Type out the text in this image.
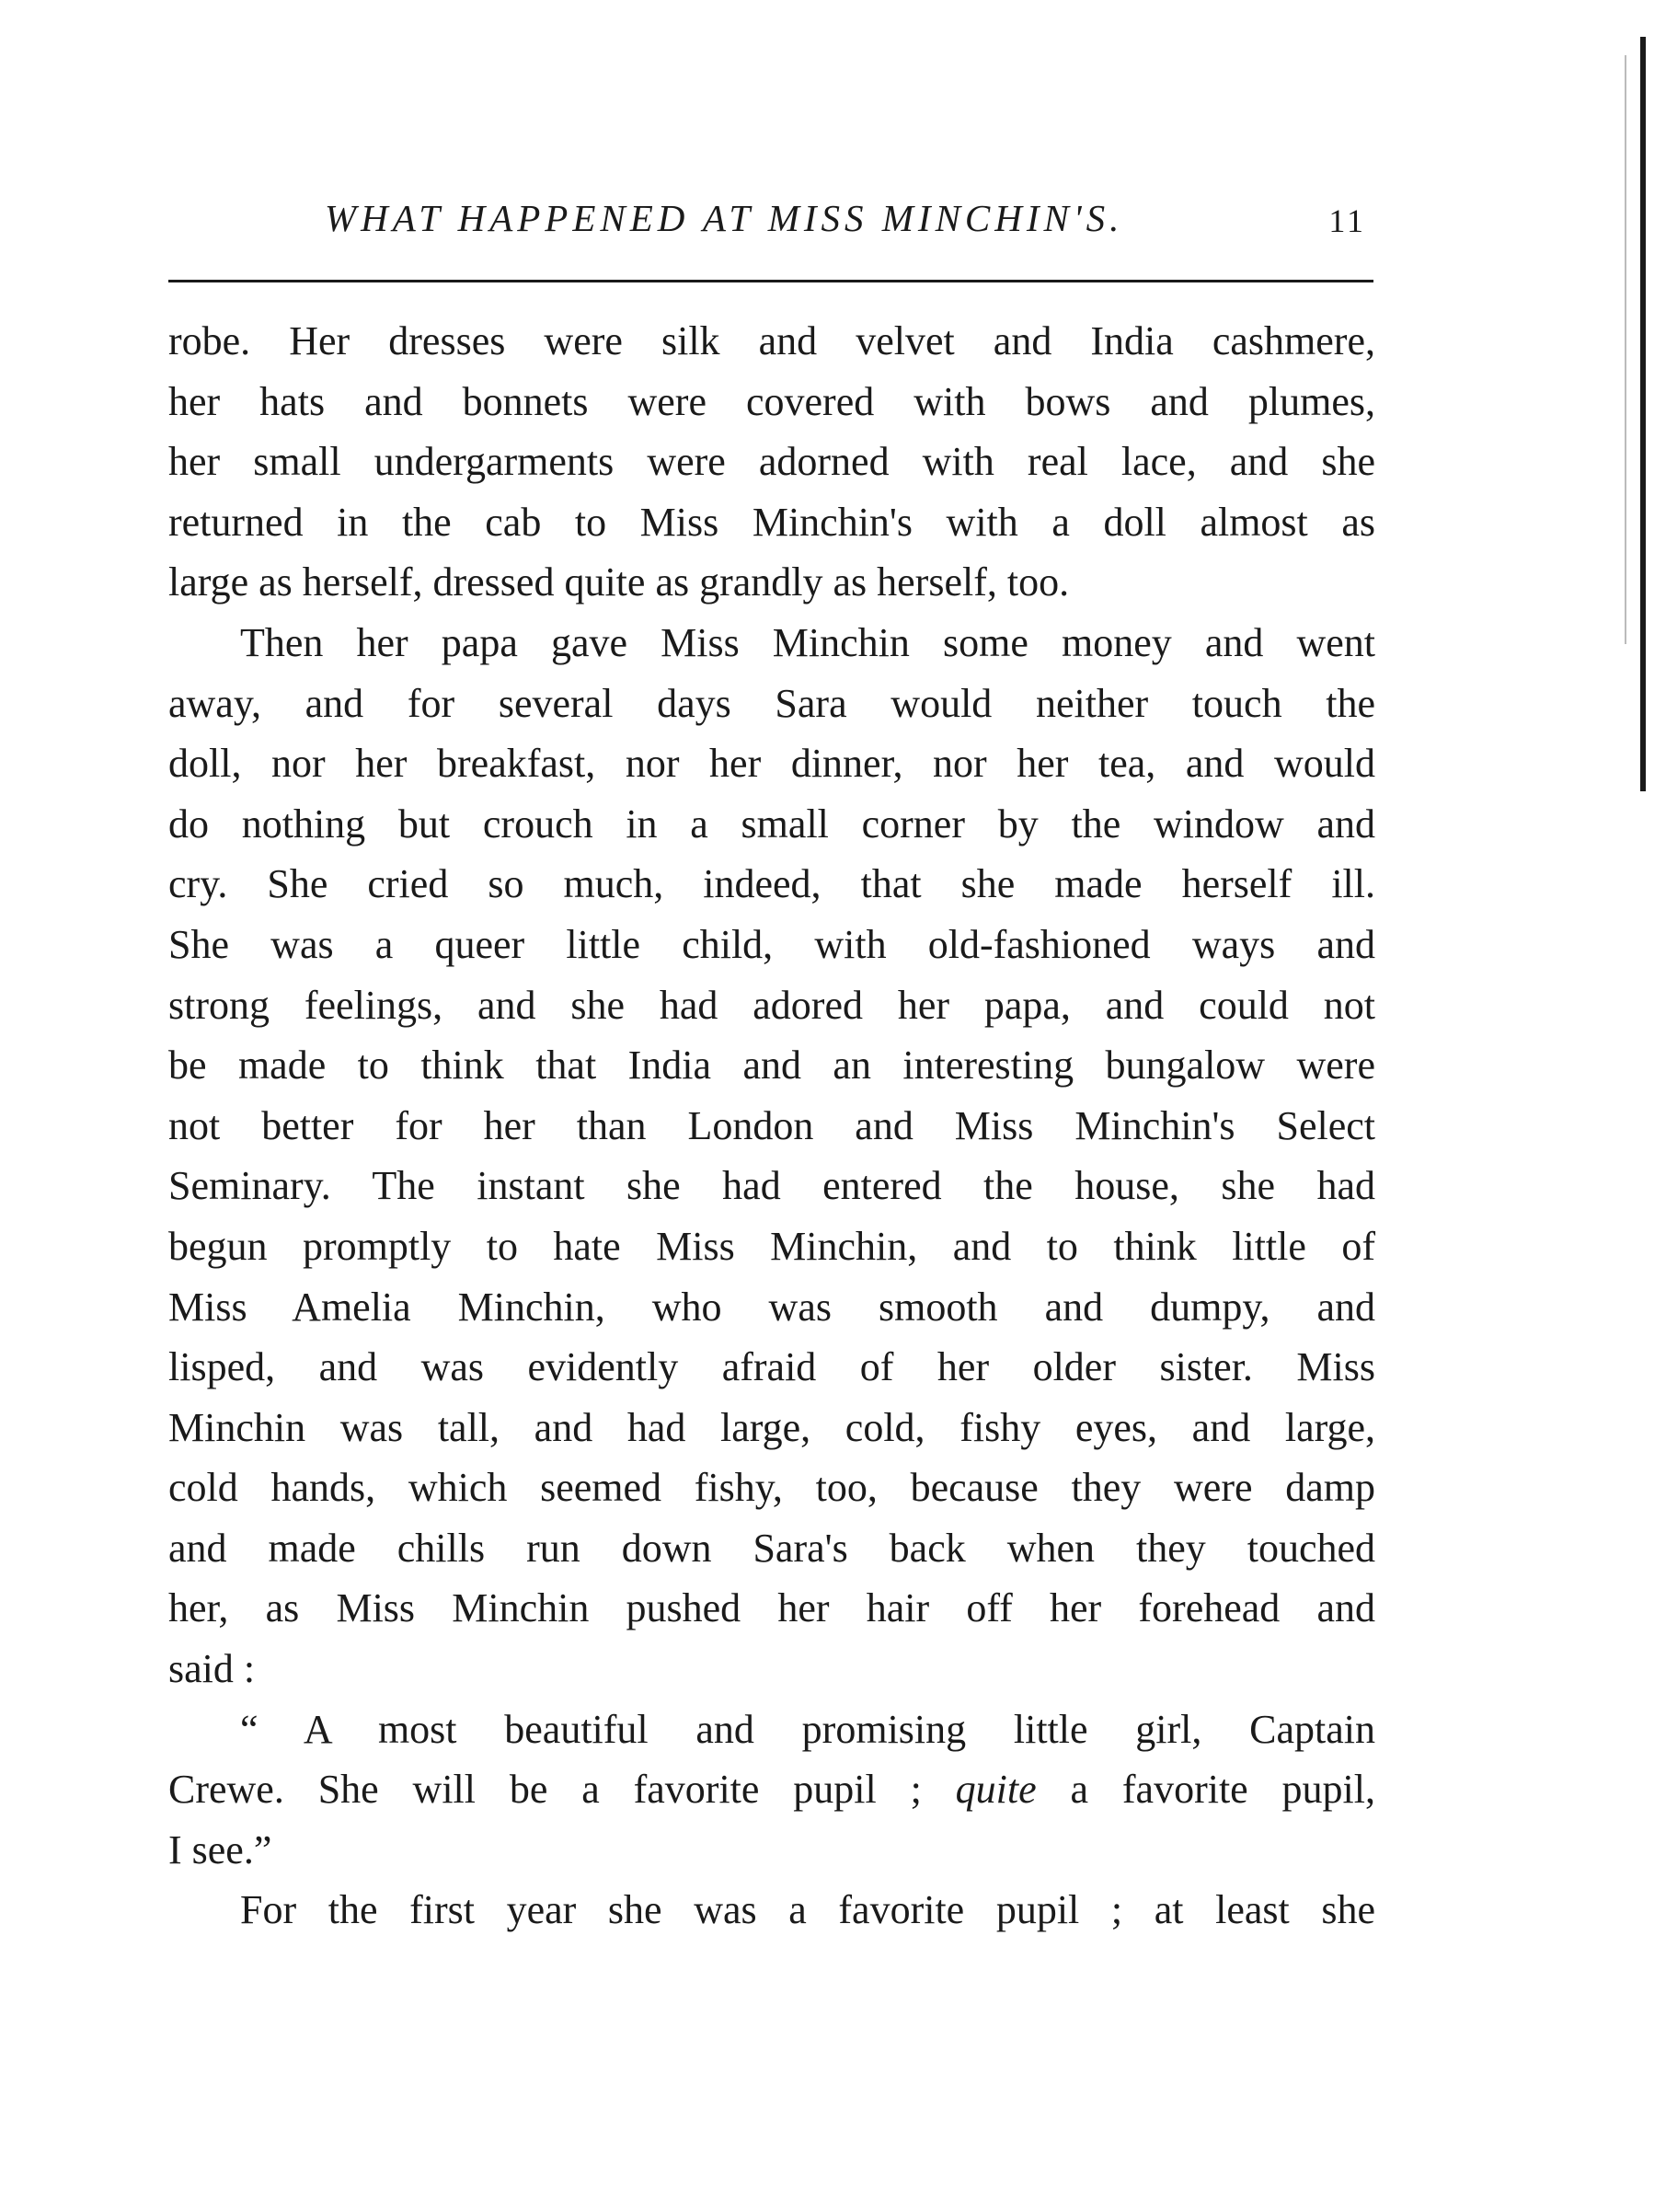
WHAT HAPPENED AT MISS MINCHIN'S.	11
robe. Her dresses were silk and velvet and India cashmere,
her hats and bonnets were covered with bows and plumes,
her small undergarments were adorned with real lace, and she
returned in the cab to Miss Minchin's with a doll almost as
large as herself, dressed quite as grandly as herself, too.
Then her papa gave Miss Minchin some money and went
away, and for several days Sara would neither touch the
doll, nor her breakfast, nor her dinner, nor her tea, and would
do nothing but crouch in a small corner by the window and
cry. She cried so much, indeed, that she made herself ill.
She was a queer little child, with old-fashioned ways and
strong feelings, and she had adored her papa, and could not
be made to think that India and an interesting bungalow were
not better for her than London and Miss Minchin's Select
Seminary. The instant she had entered the house, she had
begun promptly to hate Miss Minchin, and to think little of
Miss Amelia Minchin, who was smooth and dumpy, and
lisped, and was evidently afraid of her older sister. Miss
Minchin was tall, and had large, cold, fishy eyes, and large,
cold hands, which seemed fishy, too, because they were damp
and made chills run down Sara's back when they touched
her, as Miss Minchin pushed her hair off her forehead and
said :
“ A most beautiful and promising little girl, Captain
Crewe. She will be a favorite pupil ; quite a favorite pupil,
I see.”
For the first year she was a favorite pupil ; at least she
